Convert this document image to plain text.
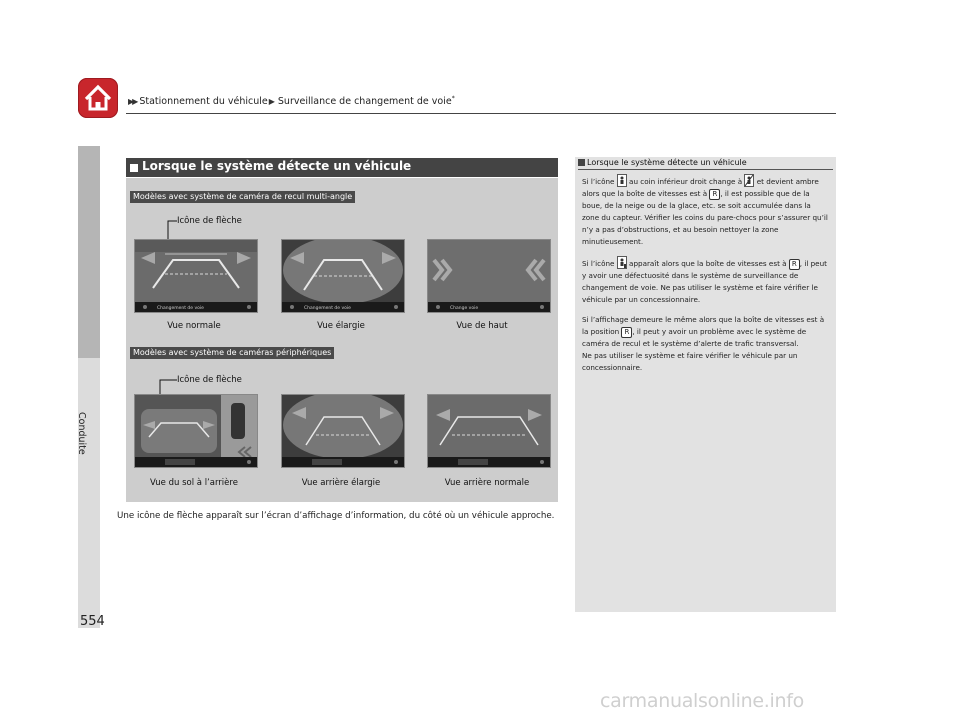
▶▶ Stationnement du véhicule▶ Surveillance de changement de voie*
Conduite
554
Lorsque le système détecte un véhicule
Modèles avec système de caméra de recul multi-angle
Icône de flèche
Changement de voie	Changement de voie	Change voie
Vue normale	Vue élargie	Vue de haut
Modèles avec système de caméras périphériques
Icône de flèche
Vue du sol à l’arrière	Vue arrière élargie	Vue arrière normale
Une icône de flèche apparaît sur l’écran d’affichage d’information, du côté où un véhicule approche.
Lorsque le système détecte un véhicule

Si l’icône au coin inférieur droit change à et devient ambre alors que la boîte de vitesses est à R , il est possible que de la boue, de la neige ou de la glace, etc. se soit accumulée dans la zone du capteur. Vérifier les coins du pare-chocs pour s’assurer qu’il n’y a pas d’obstructions, et au besoin nettoyer la zone minutieusement.

Si l’icône apparaît alors que la boîte de vitesses est à R , il peut y avoir une défectuosité dans le système de surveillance de changement de voie. Ne pas utiliser le système et faire vérifier le véhicule par un concessionnaire.

Si l’affichage demeure le même alors que la boîte de vitesses est à la position R , il peut y avoir un problème avec le système de caméra de recul et le système d’alerte de trafic transversal.
Ne pas utiliser le système et faire vérifier le véhicule par un concessionnaire.

carmanualsonline.info
